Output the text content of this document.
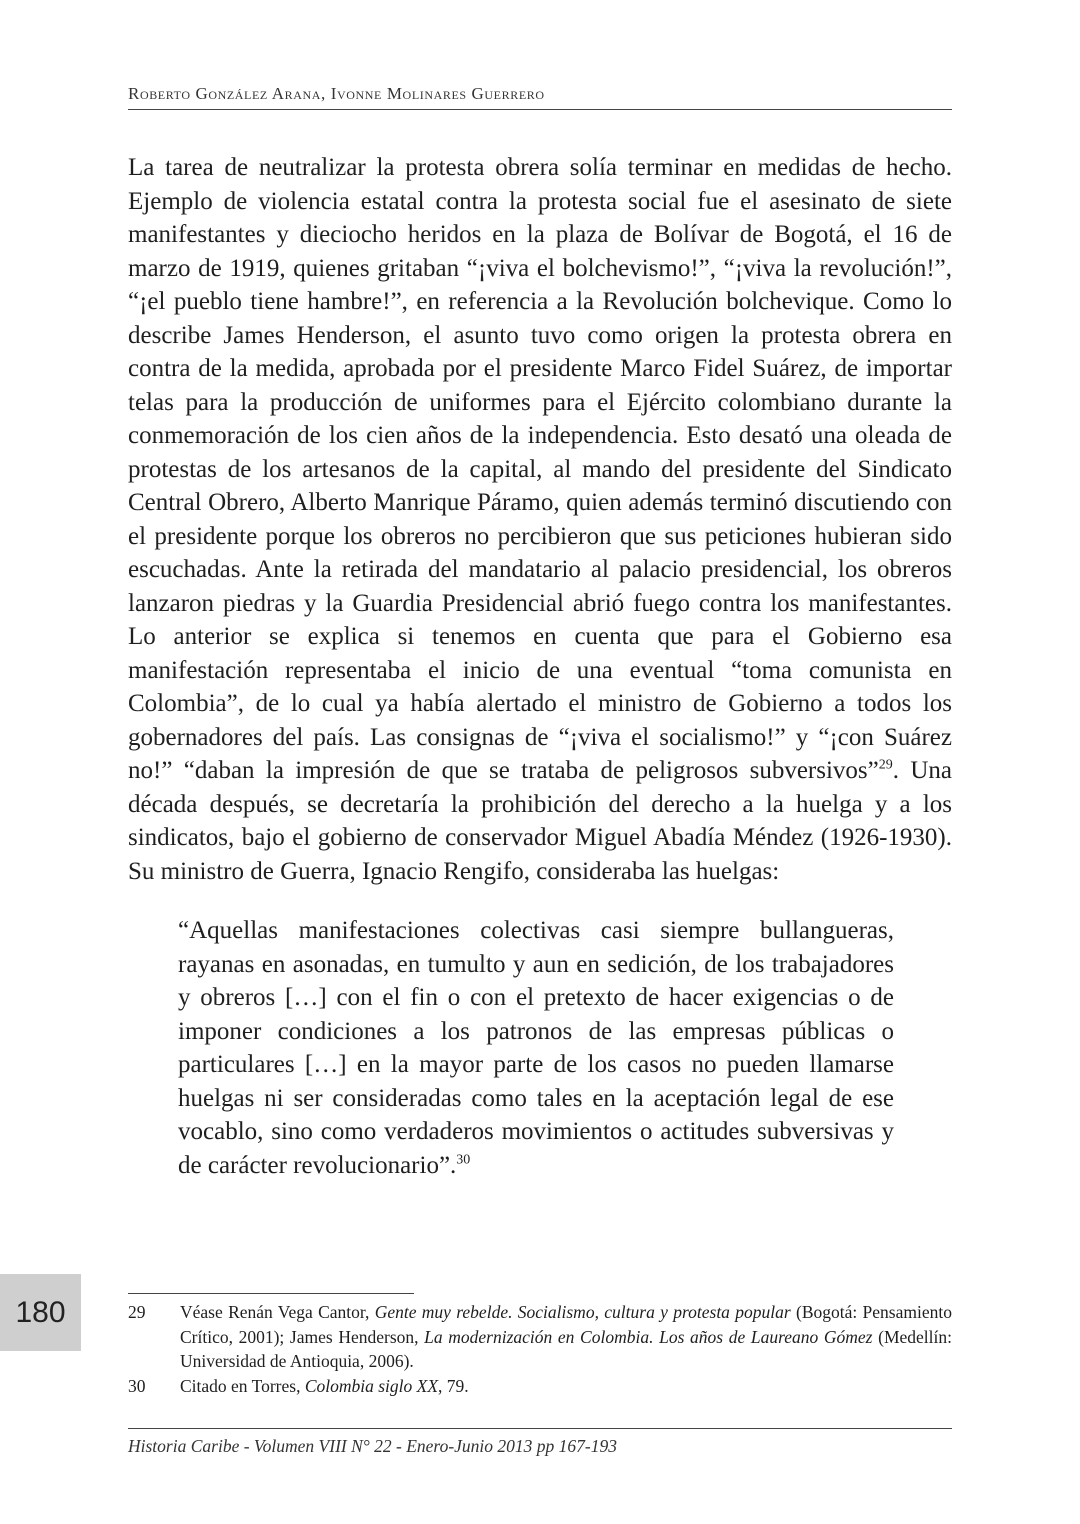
Roberto González Arana, Ivonne Molinares Guerrero

La tarea de neutralizar la protesta obrera solía terminar en medidas de hecho. Ejemplo de violencia estatal contra la protesta social fue el asesinato de siete manifestantes y dieciocho heridos en la plaza de Bolívar de Bogotá, el 16 de marzo de 1919, quienes gritaban “¡viva el bolchevismo!”, “¡viva la revolución!”, “¡el pueblo tiene hambre!”, en referencia a la Revolución bolchevique. Como lo describe James Henderson, el asunto tuvo como origen la protesta obrera en contra de la medida, aprobada por el presidente Marco Fidel Suárez, de importar telas para la producción de uniformes para el Ejército colombiano durante la conmemoración de los cien años de la independencia. Esto desató una oleada de protestas de los artesanos de la capital, al mando del presidente del Sindicato Central Obrero, Alberto Manrique Páramo, quien además terminó discutiendo con el presidente porque los obreros no percibieron que sus peticiones hubieran sido escuchadas. Ante la retirada del mandatario al palacio presidencial, los obreros lanzaron piedras y la Guardia Presidencial abrió fuego contra los manifestantes. Lo anterior se explica si tenemos en cuenta que para el Gobierno esa manifestación representaba el inicio de una eventual “toma comunista en Colombia”, de lo cual ya había alertado el ministro de Gobierno a todos los gobernadores del país. Las consignas de “¡viva el socialismo!” y “¡con Suárez no!” “daban la impresión de que se trataba de peligrosos subversivos”$^{29}$. Una década después, se decretaría la prohibición del derecho a la huelga y a los sindicatos, bajo el gobierno de conservador Miguel Abadía Méndez (1926-1930). Su ministro de Guerra, Ignacio Rengifo, consideraba las huelgas:

“Aquellas manifestaciones colectivas casi siempre bullangueras, rayanas en asonadas, en tumulto y aun en sedición, de los trabajadores y obreros […] con el fin o con el pretexto de hacer exigencias o de imponer condiciones a los patronos de las empresas públicas o particulares […] en la mayor parte de los casos no pueden llamarse huelgas ni ser consideradas como tales en la aceptación legal de ese vocablo, sino como verdaderos movimientos o actitudes subversivas y de carácter revolucionario”.$^{30}$

180	29	Véase Renán Vega Cantor, Gente muy rebelde. Socialismo, cultura y protesta popular (Bogotá: Pensamiento Crítico, 2001); James Henderson, La modernización en Colombia. Los años de Laureano Gómez (Medellín: Universidad de Antioquia, 2006).
30	Citado en Torres, Colombia siglo XX, 79.
Historia Caribe - Volumen VIII N° 22 - Enero-Junio 2013 pp 167-193
